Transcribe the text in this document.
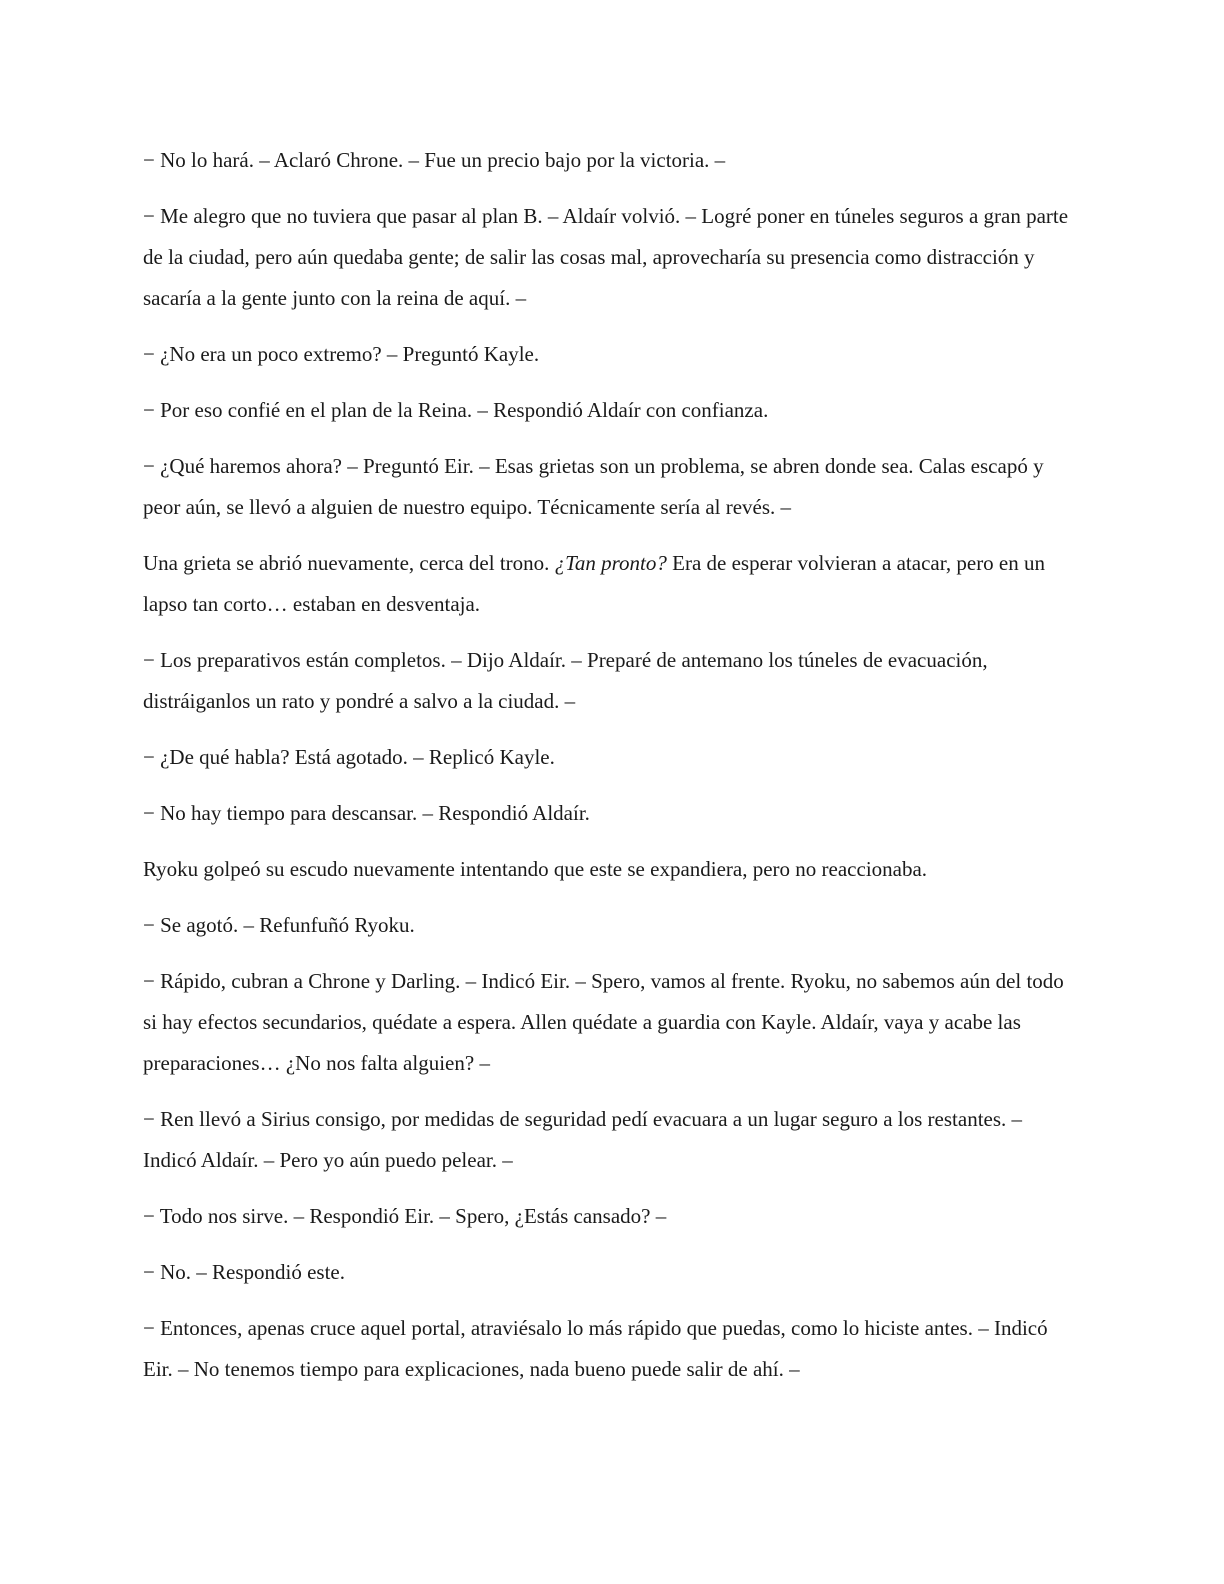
− No lo hará. – Aclaró Chrone. – Fue un precio bajo por la victoria. –

− Me alegro que no tuviera que pasar al plan B. – Aldaír volvió. – Logré poner en túneles seguros a gran parte de la ciudad, pero aún quedaba gente; de salir las cosas mal, aprovecharía su presencia como distracción y sacaría a la gente junto con la reina de aquí. –

− ¿No era un poco extremo? – Preguntó Kayle.

− Por eso confié en el plan de la Reina. – Respondió Aldaír con confianza.

− ¿Qué haremos ahora? – Preguntó Eir. – Esas grietas son un problema, se abren donde sea. Calas escapó y peor aún, se llevó a alguien de nuestro equipo. Técnicamente sería al revés. –

Una grieta se abrió nuevamente, cerca del trono. ¿Tan pronto? Era de esperar volvieran a atacar, pero en un lapso tan corto… estaban en desventaja.

− Los preparativos están completos. – Dijo Aldaír. – Preparé de antemano los túneles de evacuación, distráiganlos un rato y pondré a salvo a la ciudad. –

− ¿De qué habla? Está agotado. – Replicó Kayle.

− No hay tiempo para descansar. – Respondió Aldaír.

Ryoku golpeó su escudo nuevamente intentando que este se expandiera, pero no reaccionaba.

− Se agotó. – Refunfuñó Ryoku.

− Rápido, cubran a Chrone y Darling. – Indicó Eir. – Spero, vamos al frente. Ryoku, no sabemos aún del todo si hay efectos secundarios, quédate a espera. Allen quédate a guardia con Kayle. Aldaír, vaya y acabe las preparaciones… ¿No nos falta alguien? –

− Ren llevó a Sirius consigo, por medidas de seguridad pedí evacuara a un lugar seguro a los restantes. – Indicó Aldaír. – Pero yo aún puedo pelear. –

− Todo nos sirve. – Respondió Eir. – Spero, ¿Estás cansado? –

− No. – Respondió este.

− Entonces, apenas cruce aquel portal, atraviésalo lo más rápido que puedas, como lo hiciste antes. – Indicó Eir. – No tenemos tiempo para explicaciones, nada bueno puede salir de ahí. –
